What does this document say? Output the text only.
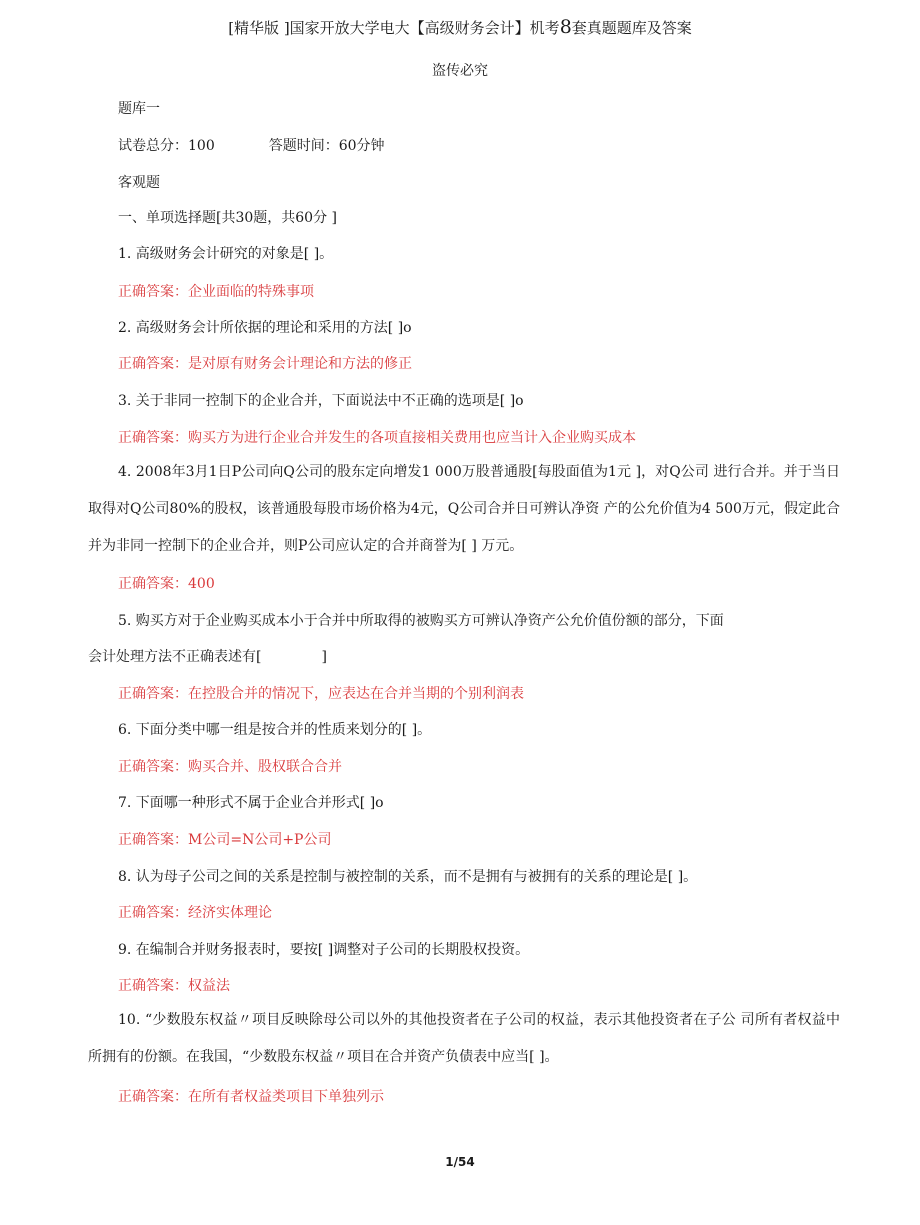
[精华版 ]国家开放大学电大【高级财务会计】机考8套真题题库及答案
盗传必究
题库一
试卷总分：100	答题时间：60分钟
客观题
一、单项选择题[共30题，共60分 ]
1. 高级财务会计研究的对象是[ ]。
正确答案：企业面临的特殊事项
2. 高级财务会计所依据的理论和采用的方法[ ]o
正确答案：是对原有财务会计理论和方法的修正
3. 关于非同一控制下的企业合并，下面说法中不正确的选项是[ ]o
正确答案：购买方为进行企业合并发生的各项直接相关费用也应当计入企业购买成本
4. 2008年3月1日P公司向Q公司的股东定向增发1 000万股普通股[每股面值为1元 ]，对Q公司 进行合并。并于当日取得对Q公司80%的股权，该普通股每股市场价格为4元，Q公司合并日可辨认净资 产的公允价值为4 500万元，假定此合并为非同一控制下的企业合并，则P公司应认定的合并商誉为[ ] 万元。
正确答案：400
5. 购买方对于企业购买成本小于合并中所取得的被购买方可辨认净资产公允价值份额的部分，下面
会计处理方法不正确表述有[	]
正确答案：在控股合并的情况下，应表达在合并当期的个别利润表
6. 下面分类中哪一组是按合并的性质来划分的[ ]。
正确答案：购买合并、股权联合合并
7. 下面哪一种形式不属于企业合并形式[ ]o
正确答案：M公司=N公司+P公司
8. 认为母子公司之间的关系是控制与被控制的关系，而不是拥有与被拥有的关系的理论是[ ]。
正确答案：经济实体理论
9. 在编制合并财务报表时，要按[ ]调整对子公司的长期股权投资。
正确答案：权益法
10. “少数股东权益〃项目反映除母公司以外的其他投资者在子公司的权益，表示其他投资者在子公 司所有者权益中所拥有的份额。在我国，“少数股东权益〃项目在合并资产负债表中应当[ ]。
正确答案：在所有者权益类项目下单独列示
1/54
